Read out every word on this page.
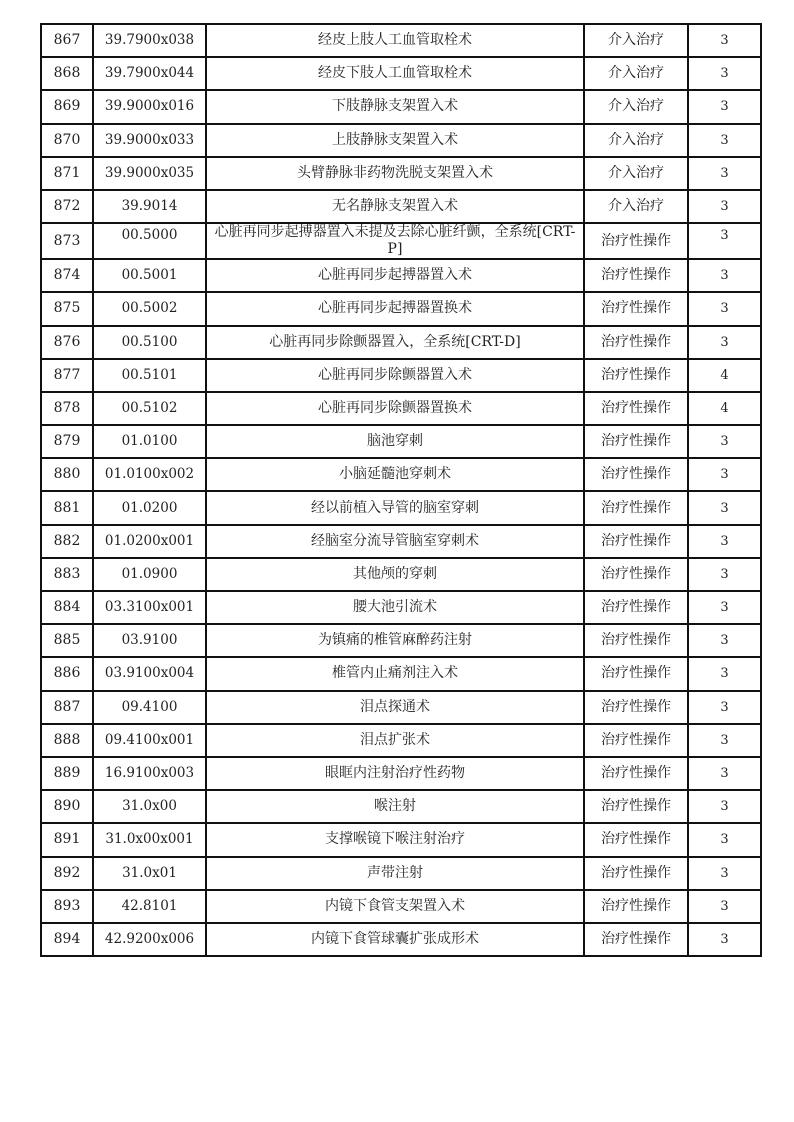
867	39.7900x038	经皮上肢人工血管取栓术	介入治疗	3
868	39.7900x044	经皮下肢人工血管取栓术	介入治疗	3
869	39.9000x016	下肢静脉支架置入术	介入治疗	3
870	39.9000x033	上肢静脉支架置入术	介入治疗	3
871	39.9000x035	头臂静脉非药物洗脱支架置入术	介入治疗	3
872	39.9014	无名静脉支架置入术	介入治疗	3
873	00.5000	心脏再同步起搏器置入未提及去除心脏纤颤，全系统[CRT-P]	治疗性操作	3
874	00.5001	心脏再同步起搏器置入术	治疗性操作	3
875	00.5002	心脏再同步起搏器置换术	治疗性操作	3
876	00.5100	心脏再同步除颤器置入，全系统[CRT-D]	治疗性操作	3
877	00.5101	心脏再同步除颤器置入术	治疗性操作	4
878	00.5102	心脏再同步除颤器置换术	治疗性操作	4
879	01.0100	脑池穿刺	治疗性操作	3
880	01.0100x002	小脑延髓池穿刺术	治疗性操作	3
881	01.0200	经以前植入导管的脑室穿刺	治疗性操作	3
882	01.0200x001	经脑室分流导管脑室穿刺术	治疗性操作	3
883	01.0900	其他颅的穿刺	治疗性操作	3
884	03.3100x001	腰大池引流术	治疗性操作	3
885	03.9100	为镇痛的椎管麻醉药注射	治疗性操作	3
886	03.9100x004	椎管内止痛剂注入术	治疗性操作	3
887	09.4100	泪点探通术	治疗性操作	3
888	09.4100x001	泪点扩张术	治疗性操作	3
889	16.9100x003	眼眶内注射治疗性药物	治疗性操作	3
890	31.0x00	喉注射	治疗性操作	3
891	31.0x00x001	支撑喉镜下喉注射治疗	治疗性操作	3
892	31.0x01	声带注射	治疗性操作	3
893	42.8101	内镜下食管支架置入术	治疗性操作	3
894	42.9200x006	内镜下食管球囊扩张成形术	治疗性操作	3
